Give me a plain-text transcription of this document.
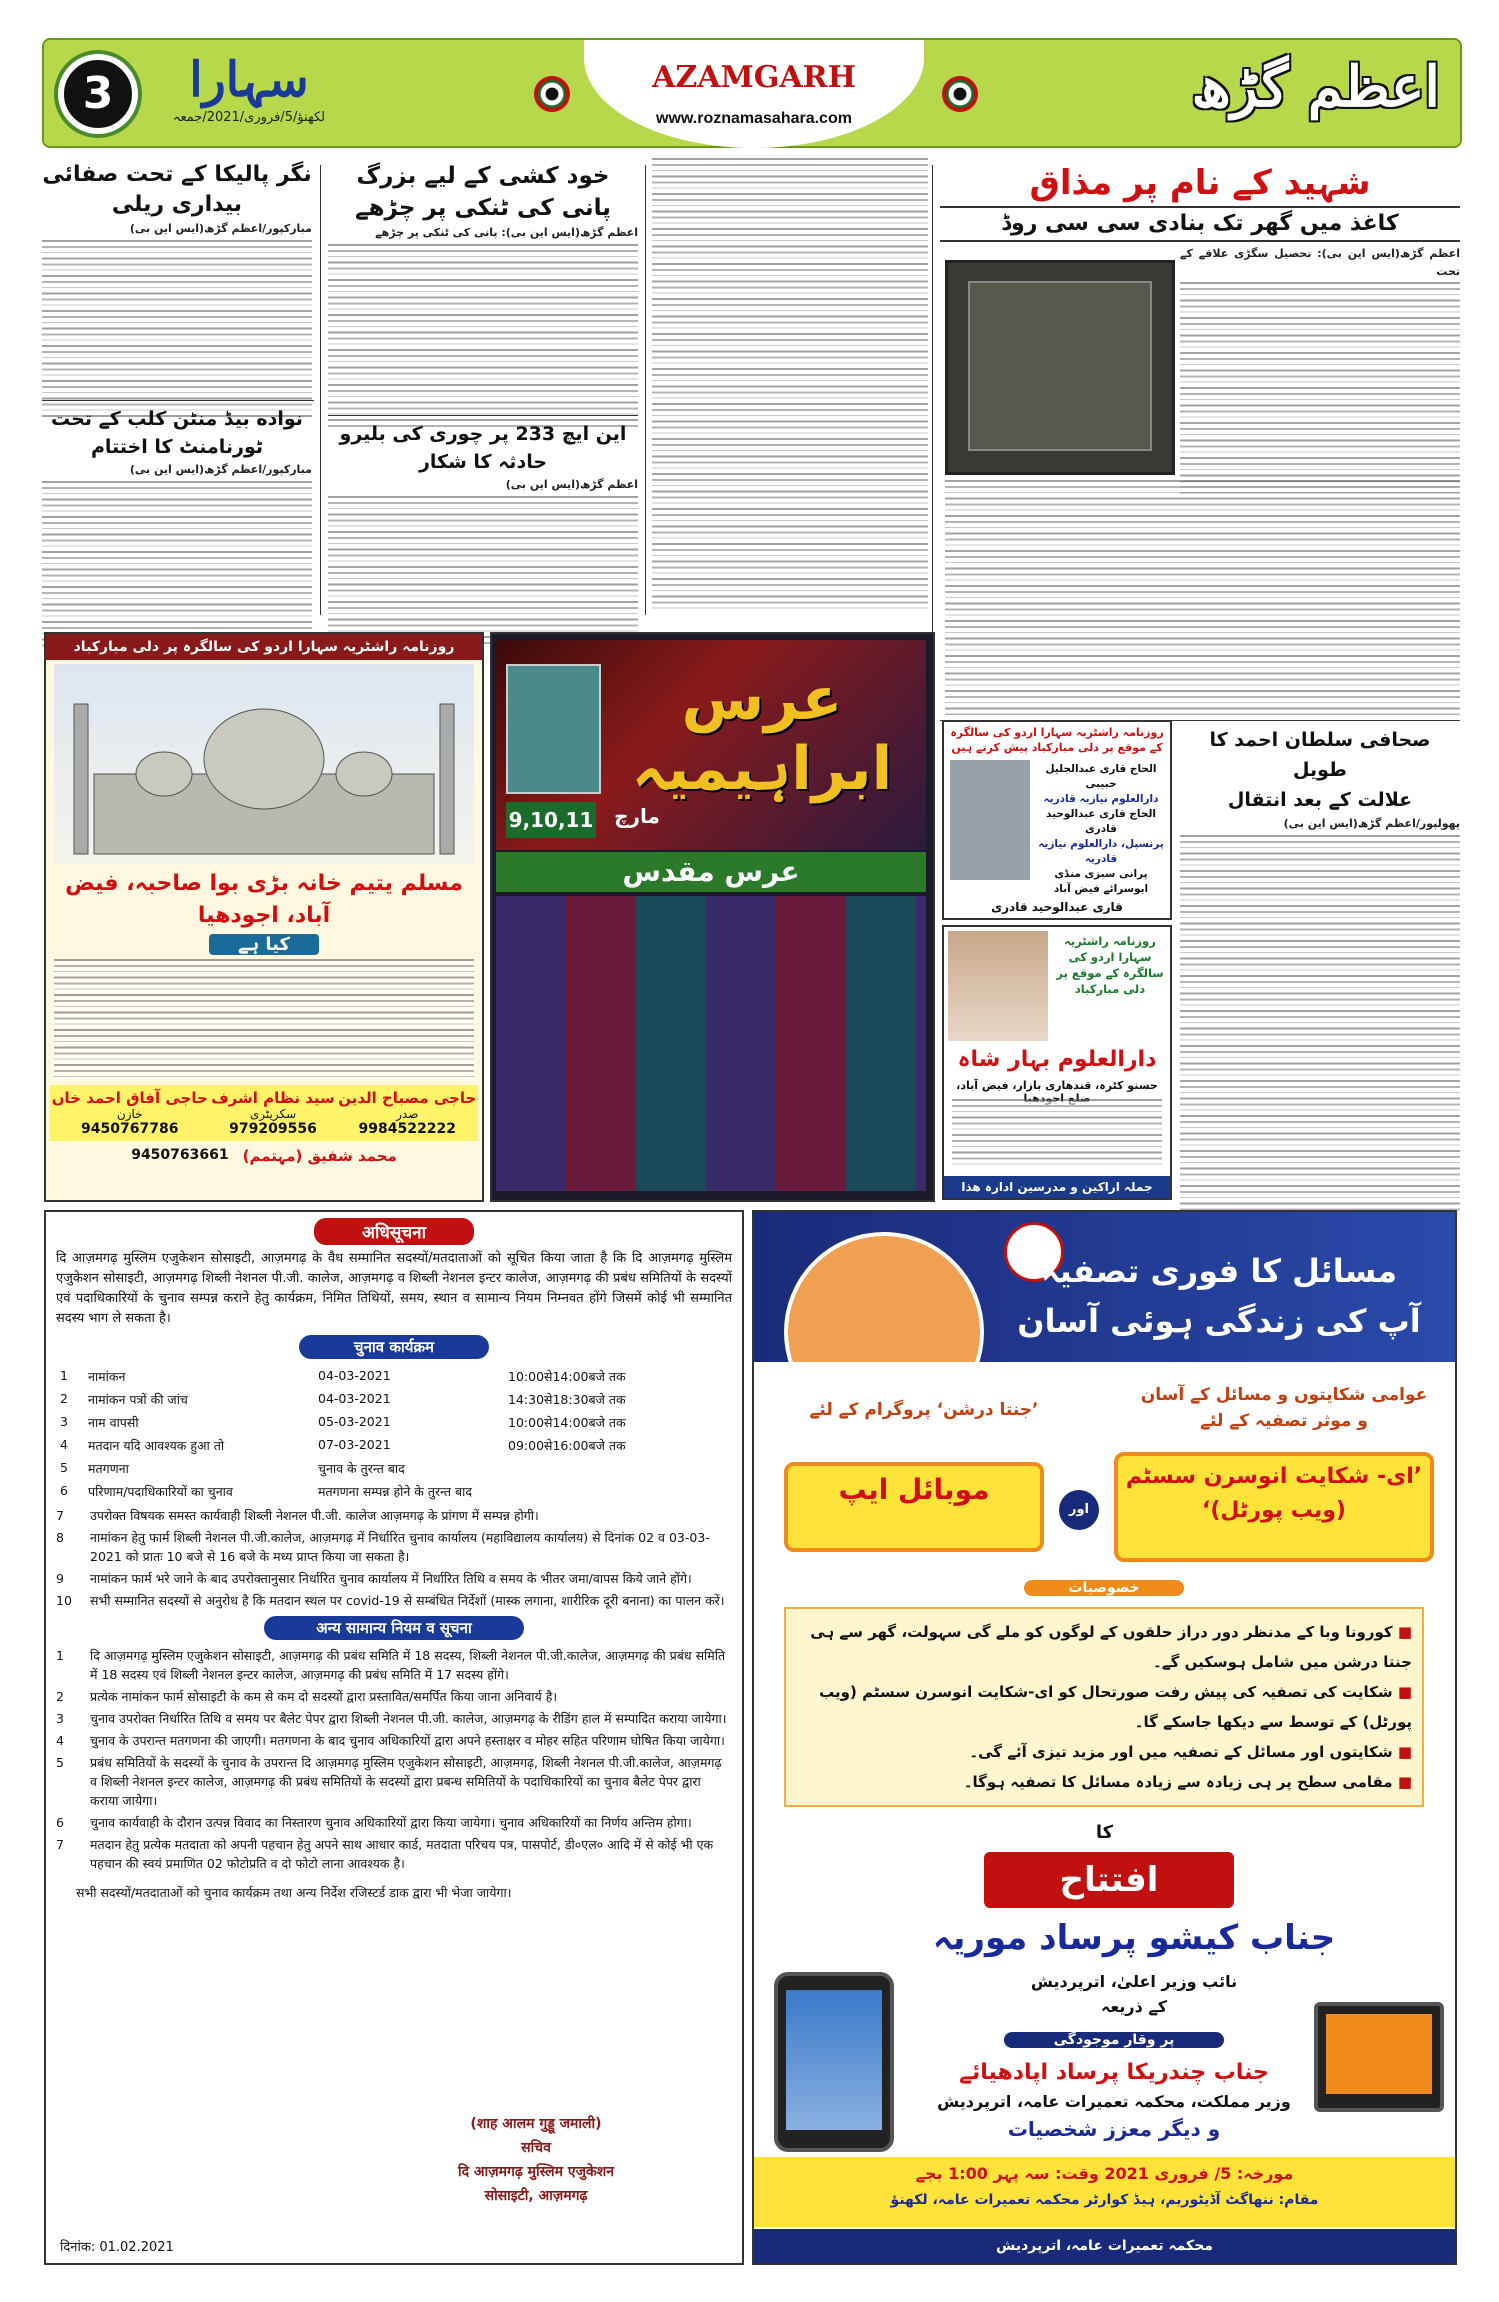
3	سہارا
لکھنؤ/5/فروری/2021/جمعہ
AZAMGARH
www.roznamasahara.com	اعظم گڑھ
نگر پالیکا کے تحت صفائی بیداری ریلی
مبارکپور/اعظم گڑھ(ایس این بی)
نواده بیڈ منٹن کلب کے تحت ٹورنامنٹ کا اختتام
مبارکپور/اعظم گڑھ(ایس این بی)
خود کشی کے لیے بزرگ پانی کی ٹنکی پر چڑھے
اعظم گڑھ(ایس این بی): پانی کی ٹنکی پر چڑھے
این ایچ 233 پر چوری کی بلیرو حادثہ کا شکار
اعظم گڑھ(ایس این بی)
شہید کے نام پر مذاق
کاغذ میں گھر تک بنادی سی سی روڈ
اعظم گڑھ(ایس این بی): تحصیل سگڑی علاقے کے تحت
صحافی سلطان احمد کا طویل
علالت کے بعد انتقال
پھولپور/اعظم گڑھ(ایس این بی)
روزنامہ راشٹریہ سہارا اردو کی سالگرہ پر دلی مبارکباد
مسلم یتیم خانہ بڑی بوا صاحبہ، فیض آباد، اجودھیا
کیا ہے
حاجی مصباح الدین
صدر
9984522222
سید نظام اشرف
سکریٹری
979209556
حاجی آفاق احمد خاں
خازن
9450767786
محمد شفیق (مہتمم)
9450763661
عرس ابراہیمیہ
9,10,11	مارچ
عرس مقدس
روزنامہ راشٹریہ سہارا اردو کی سالگرہ کے موقع پر دلی مبارکباد پیش کرتے ہیں
الحاج قاری عبدالجلیل حبیبی
دارالعلوم نیازیہ قادریہ
الحاج قاری عبدالوحید قادری
پرنسپل، دارالعلوم نیازیہ قادریہ
پرانی سبزی منڈی ابوسرائے فیض آباد
قاری عبدالوحید قادری
روزنامہ راشٹریہ سہارا اردو کی سالگرہ کے موقع پر دلی مبارکباد
دارالعلوم بہار شاہ
حسنو کٹرہ، قندھاری بازار، فیض آباد،
جملہ اراکین و مدرسین ادارہ ھذا
अधिसूचना
दि आज़मगढ़ मुस्लिम एजुकेशन सोसाइटी, आज़मगढ़ के वैध सम्मानित सदस्यों/मतदाताओं को सूचित किया जाता है कि दि आज़मगढ़ मुस्लिम एजुकेशन सोसाइटी, आज़मगढ़ शिब्ली नेशनल पी.जी. कालेज, आज़मगढ़ व शिब्ली नेशनल इन्टर कालेज, आज़मगढ़ की प्रबंध समितियों के सदस्यों एवं पदाधिकारियों के चुनाव सम्पन्न कराने हेतु कार्यक्रम, निमित तिथियों, समय, स्थान व सामान्य नियम निम्नवत होंगे जिसमें कोई भी सम्मानित सदस्य भाग ले सकता है।
चुनाव कार्यक्रम
1	नामांकन	04-03-2021	10:00से14:00बजे तक
2	नामांकन पत्रों की जांच	04-03-2021	14:30से18:30बजे तक
3	नाम वापसी	05-03-2021	10:00से14:00बजे तक
4	मतदान यदि आवश्यक हुआ तो	07-03-2021	09:00से16:00बजे तक
5	मतगणना	चुनाव के तुरन्त बाद	
6	परिणाम/पदाधिकारियों का चुनाव	मतगणना सम्पन्न होने के तुरन्त बाद	
7	उपरोक्त विषयक समस्त कार्यवाही शिब्ली नेशनल पी.जी. कालेज आज़मगढ़ के प्रांगण में सम्पन्न होगी।
8	नामांकन हेतु फार्म शिब्ली नेशनल पी.जी.कालेज, आज़मगढ़ में निर्धारित चुनाव कार्यालय (महाविद्यालय कार्यालय) से दिनांक 02 व 03-03-2021 को प्रातः 10 बजे से 16 बजे के मध्य प्राप्त किया जा सकता है।
9	नामांकन फार्म भरे जाने के बाद उपरोक्तानुसार निर्धारित चुनाव कार्यालय में निर्धारित तिथि व समय के भीतर जमा/वापस किये जाने होंगे।
10	सभी सम्मानित सदस्यों से अनुरोध है कि मतदान स्थल पर covid-19 से सम्बंधित निर्देशों (मास्क लगाना, शारीरिक दूरी बनाना) का पालन करें।
अन्य सामान्य नियम व सूचना
1	दि आज़मगढ़ मुस्लिम एजुकेशन सोसाइटी, आज़मगढ़ की प्रबंध समिति में 18 सदस्य, शिब्ली नेशनल पी.जी.कालेज, आज़मगढ़ की प्रबंध समिति में 18 सदस्य एवं शिब्ली नेशनल इन्टर कालेज, आज़मगढ़ की प्रबंध समिति में 17 सदस्य होंगे।
2	प्रत्येक नामांकन फार्म सोसाइटी के कम से कम दो सदस्यों द्वारा प्रस्तावित/समर्पित किया जाना अनिवार्य है।
3	चुनाव उपरोक्त निर्धारित तिथि व समय पर बैलेट पेपर द्वारा शिब्ली नेशनल पी.जी. कालेज, आज़मगढ़ के रीडिंग हाल में सम्पादित कराया जायेगा।
4	चुनाव के उपरान्त मतगणना की जाएगी। मतगणना के बाद चुनाव अधिकारियों द्वारा अपने हस्ताक्षर व मोहर सहित परिणाम घोषित किया जायेगा।
5	प्रबंध समितियों के सदस्यों के चुनाव के उपरान्त दि आज़मगढ़ मुस्लिम एजुकेशन सोसाइटी, आज़मगढ़, शिब्ली नेशनल पी.जी.कालेज, आज़मगढ़ व शिब्ली नेशनल इन्टर कालेज, आज़मगढ़ की प्रबंध समितियों के सदस्यों द्वारा प्रबन्ध समितियों के पदाधिकारियों का चुनाव बैलेट पेपर द्वारा कराया जायेगा।
6	चुनाव कार्यवाही के दौरान उत्पन्न विवाद का निस्तारण चुनाव अधिकारियों द्वारा किया जायेगा। चुनाव अधिकारियों का निर्णय अन्तिम होगा।
7	मतदान हेतु प्रत्येक मतदाता को अपनी पहचान हेतु अपने साथ आधार कार्ड, मतदाता परिचय पत्र, पासपोर्ट, डी०एल० आदि में से कोई भी एक पहचान की स्वयं प्रमाणित 02 फोटोप्रति व दो फोटो लाना आवश्यक है।
सभी सदस्यों/मतदाताओं को चुनाव कार्यक्रम तथा अन्य निर्देश रजिस्टर्ड डाक द्वारा भी भेजा जायेगा।
(शाह आलम गुड्डू जमाली)
सचिव
दि आज़मगढ़ मुस्लिम एजुकेशन
सोसाइटी, आज़मगढ़
दिनांक: 01.02.2021
مسائل کا فوری تصفیہ
آپ کی زندگی ہوئی آسان
’جنتا درشن‘ پروگرام کے لئے
عوامی شکایتوں و مسائل کے آسان و موثر تصفیہ کے لئے
موبائل ایپ
اور
’ای- شکایت انوسرن سسٹم (ویب پورٹل)‘
خصوصیات
■ کورونا وبا کے مدنظر دور دراز حلقوں کے لوگوں کو ملے گی سہولت، گھر سے ہی جنتا درشن میں شامل ہوسکیں گے۔
■ شکایت کی تصفیہ کی پیش رفت صورتحال کو ای-شکایت انوسرن سسٹم (ویب پورٹل) کے توسط سے دیکھا جاسکے گا۔
■ شکایتوں اور مسائل کے تصفیہ میں اور مزید تیزی آئے گی۔
■ مقامی سطح پر ہی زیادہ سے زیادہ مسائل کا تصفیہ ہوگا۔
کا
افتتاح
جناب کیشو پرساد موریہ
نائب وزیر اعلیٰ، اترپردیش
کے ذریعہ
پر وقار موجودگی
جناب چندریکا پرساد اپادھیائے
وزیر مملکت، محکمہ تعمیرات عامہ، اترپردیش
و دیگر معزز شخصیات
مورخہ: 5/ فروری 2021 وقت: سہ پہر 1:00 بجے
مقام: ننھاگٹ آڈیٹوریم، ہیڈ کوارٹر محکمہ تعمیرات عامہ، لکھنؤ
محکمہ تعمیرات عامہ، اترپردیش
